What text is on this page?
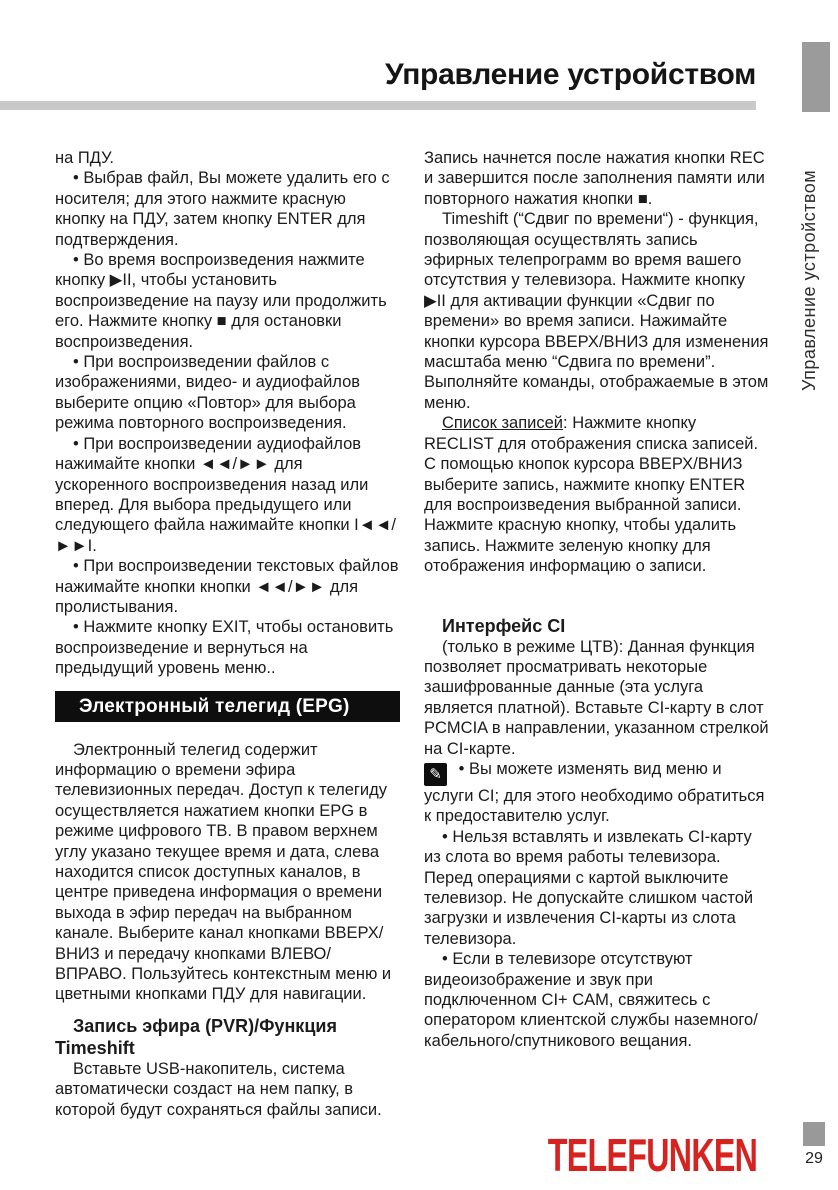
Управление устройством
Управление устройством

на ПДУ.

• Выбрав файл, Вы можете удалить его с носителя; для этого нажмите красную кнопку на ПДУ, затем кнопку ENTER для подтверждения.

• Во время воспроизведения нажмите кнопку ▶II, чтобы установить воспроизведение на паузу или продолжить его. Нажмите кнопку ■ для остановки воспроизведения.

• При воспроизведении файлов с изображениями, видео- и аудиофайлов выберите опцию «Повтор» для выбора режима повторного воспроизведения.

• При воспроизведении аудиофайлов нажимайте кнопки ◄◄/►► для ускоренного воспроизведения назад или вперед. Для выбора предыдущего или следующего файла нажимайте кнопки I◄◄/►►I.

• При воспроизведении текстовых файлов нажимайте кнопки кнопки ◄◄/►► для пролистывания.

• Нажмите кнопку EXIT, чтобы остановить воспроизведение и вернуться на предыдущий уровень меню..

Электронный телегид (EPG)

Электронный телегид содержит информацию о времени эфира телевизионных передач. Доступ к телегиду осуществляется нажатием кнопки EPG в режиме цифрового ТВ. В правом верхнем углу указано текущее время и дата, слева находится список доступных каналов, в центре приведена информация о времени выхода в эфир передач на выбранном канале. Выберите канал кнопками ВВЕРХ/ВНИЗ и передачу кнопками ВЛЕВО/ВПРАВО. Пользуйтесь контекстным меню и цветными кнопками ПДУ для навигации.

Запись эфира (PVR)/Функция Timeshift

Вставьте USB-накопитель, система автоматически создаст на нем папку, в которой будут сохраняться файлы записи.

Запись начнется после нажатия кнопки REC и завершится после заполнения памяти или повторного нажатия кнопки ■.

Timeshift (“Сдвиг по времени“) - функция, позволяющая осуществлять запись эфирных телепрограмм во время вашего отсутствия у телевизора. Нажмите кнопку ▶II для активации функции «Сдвиг по времени» во время записи. Нажимайте кнопки курсора ВВЕРХ/ВНИЗ для изменения масштаба меню “Сдвига по времени”. Выполняйте команды, отображаемые в этом меню.

Список записей: Нажмите кнопку RECLIST для отображения списка записей. С помощью кнопок курсора ВВЕРХ/ВНИЗ выберите запись, нажмите кнопку ENTER для воспроизведения выбранной записи. Нажмите красную кнопку, чтобы удалить запись. Нажмите зеленую кнопку для отображения информацию о записи.

Интерфейс CI

(только в режиме ЦТВ): Данная функция позволяет просматривать некоторые зашифрованные данные (эта услуга является платной). Вставьте CI-карту в слот PCMCIA в направлении, указанном стрелкой на CI-карте.

✎ • Вы можете изменять вид меню и услуги CI; для этого необходимо обратиться к предоставителю услуг.

• Нельзя вставлять и извлекать CI-карту из слота во время работы телевизора. Перед операциями с картой выключите телевизор. Не допускайте слишком частой загрузки и извлечения CI-карты из слота телевизора.

• Если в телевизоре отсутствуют видеоизображение и звук при подключенном CI+ CAM, свяжитесь с оператором клиентской службы наземного/кабельного/спутникового вещания.

TELEFUNKEN	29
